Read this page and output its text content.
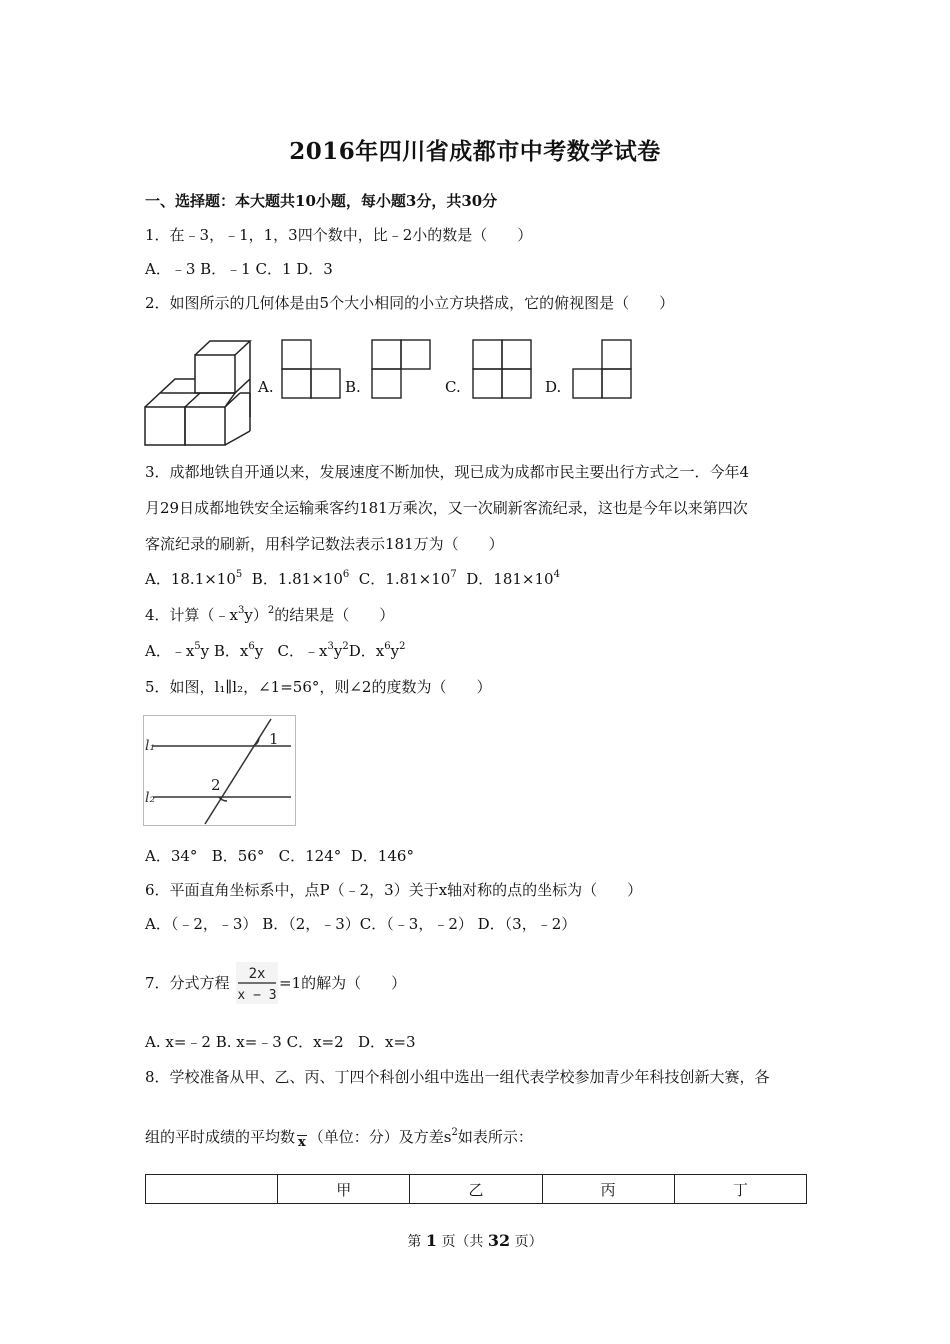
2016年四川省成都市中考数学试卷
一、选择题：本大题共10小题，每小题3分，共30分
1．在﹣3，﹣1，1，3四个数中，比﹣2小的数是（　　）
A．﹣3 B．﹣1 C．1 D．3
2．如图所示的几何体是由5个大小相同的小立方块搭成，它的俯视图是（　　）
A.	B.	C.	D.
3．成都地铁自开通以来，发展速度不断加快，现已成为成都市民主要出行方式之一．今年4
月29日成都地铁安全运输乘客约181万乘次，又一次刷新客流纪录，这也是今年以来第四次
客流纪录的刷新，用科学记数法表示181万为（　　）
A．$18.1\times 10^5$  B．$1.81\times 10^6$  C．$1.81\times 10^7$  D．$181\times 10^4$
4．计算$(﹣x^3y)^2$的结果是（　　）
A．$﹣x^5y$ B．$x^6y$   C．$﹣x^3y^2D$．$x^6y^2$
5．如图，l₁∥l₂，∠1=56°，则∠2的度数为（　　）
l₁
l₂
1
2
A．34°   B．56°   C．124°  D．146°
6．平面直角坐标系中，点P（﹣2，3）关于x轴对称的点的坐标为（　　）
A．（﹣2，﹣3） B．（2，﹣3）C．（﹣3，﹣2） D．（3，﹣2）
7．分式方程 2x
x − 3
=1的解为（　　）
A. x=﹣2 B. x=﹣3 C．x=2   D．x=3
8．学校准备从甲、乙、丙、丁四个科创小组中选出一组代表学校参加青少年科技创新大赛，各
组的平时成绩的平均数 x （单位：分）及方差$s^2$如表所示：
	甲	乙	丙	丁
第 1 页（共 32 页）
